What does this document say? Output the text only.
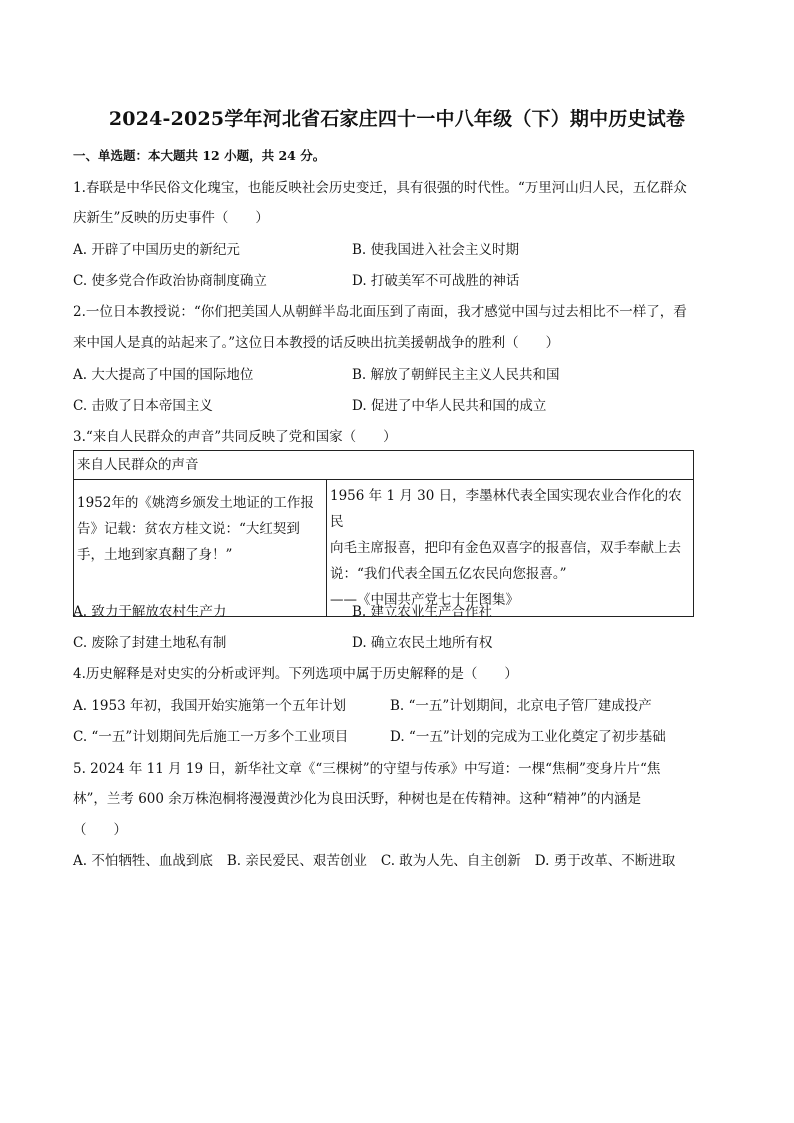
2024-2025学年河北省石家庄四十一中八年级（下）期中历史试卷
一、单选题：本大题共 12 小题，共 24 分。
1.春联是中华民俗文化瑰宝，也能反映社会历史变迁，具有很强的时代性。“万里河山归人民，五亿群众
庆新生”反映的历史事件（　　）
A. 开辟了中国历史的新纪元	B. 使我国进入社会主义时期
C. 使多党合作政治协商制度确立	D. 打破美军不可战胜的神话
2.一位日本教授说：“你们把美国人从朝鲜半岛北面压到了南面，我才感觉中国与过去相比不一样了，看
来中国人是真的站起来了。”这位日本教授的话反映出抗美援朝战争的胜利（　　）
A. 大大提高了中国的国际地位	B. 解放了朝鲜民主主义人民共和国
C. 击败了日本帝国主义	D. 促进了中华人民共和国的成立
3.“来自人民群众的声音”共同反映了党和国家（　　）
来自人民群众的声音

1952年的《姚湾乡颁发土地证的工作报
告》记载：贫农方桂文说：“大红契到
手，土地到家真翻了身！”

1956 年 1 月 30 日，李墨林代表全国实现农业合作化的农民
向毛主席报喜，把印有金色双喜字的报喜信，双手奉献上去
说：“我们代表全国五亿农民向您报喜。”
——《中国共产党七十年图集》
A. 致力于解放农村生产力	B. 建立农业生产合作社
C. 废除了封建土地私有制	D. 确立农民土地所有权
4.历史解释是对史实的分析或评判。下列选项中属于历史解释的是（　　）
A. 1953 年初，我国开始实施第一个五年计划	B. “一五”计划期间，北京电子管厂建成投产
C. “一五”计划期间先后施工一万多个工业项目	D. “一五”计划的完成为工业化奠定了初步基础
5. 2024 年 11 月 19 日，新华社文章《“三棵树”的守望与传承》中写道：一棵“焦桐”变身片片“焦
林”，兰考 600 余万株泡桐将漫漫黄沙化为良田沃野，种树也是在传精神。这种“精神”的内涵是
（　　）
A. 不怕牺牲、血战到底 B. 亲民爱民、艰苦创业 C. 敢为人先、自主创新 D. 勇于改革、不断进取
